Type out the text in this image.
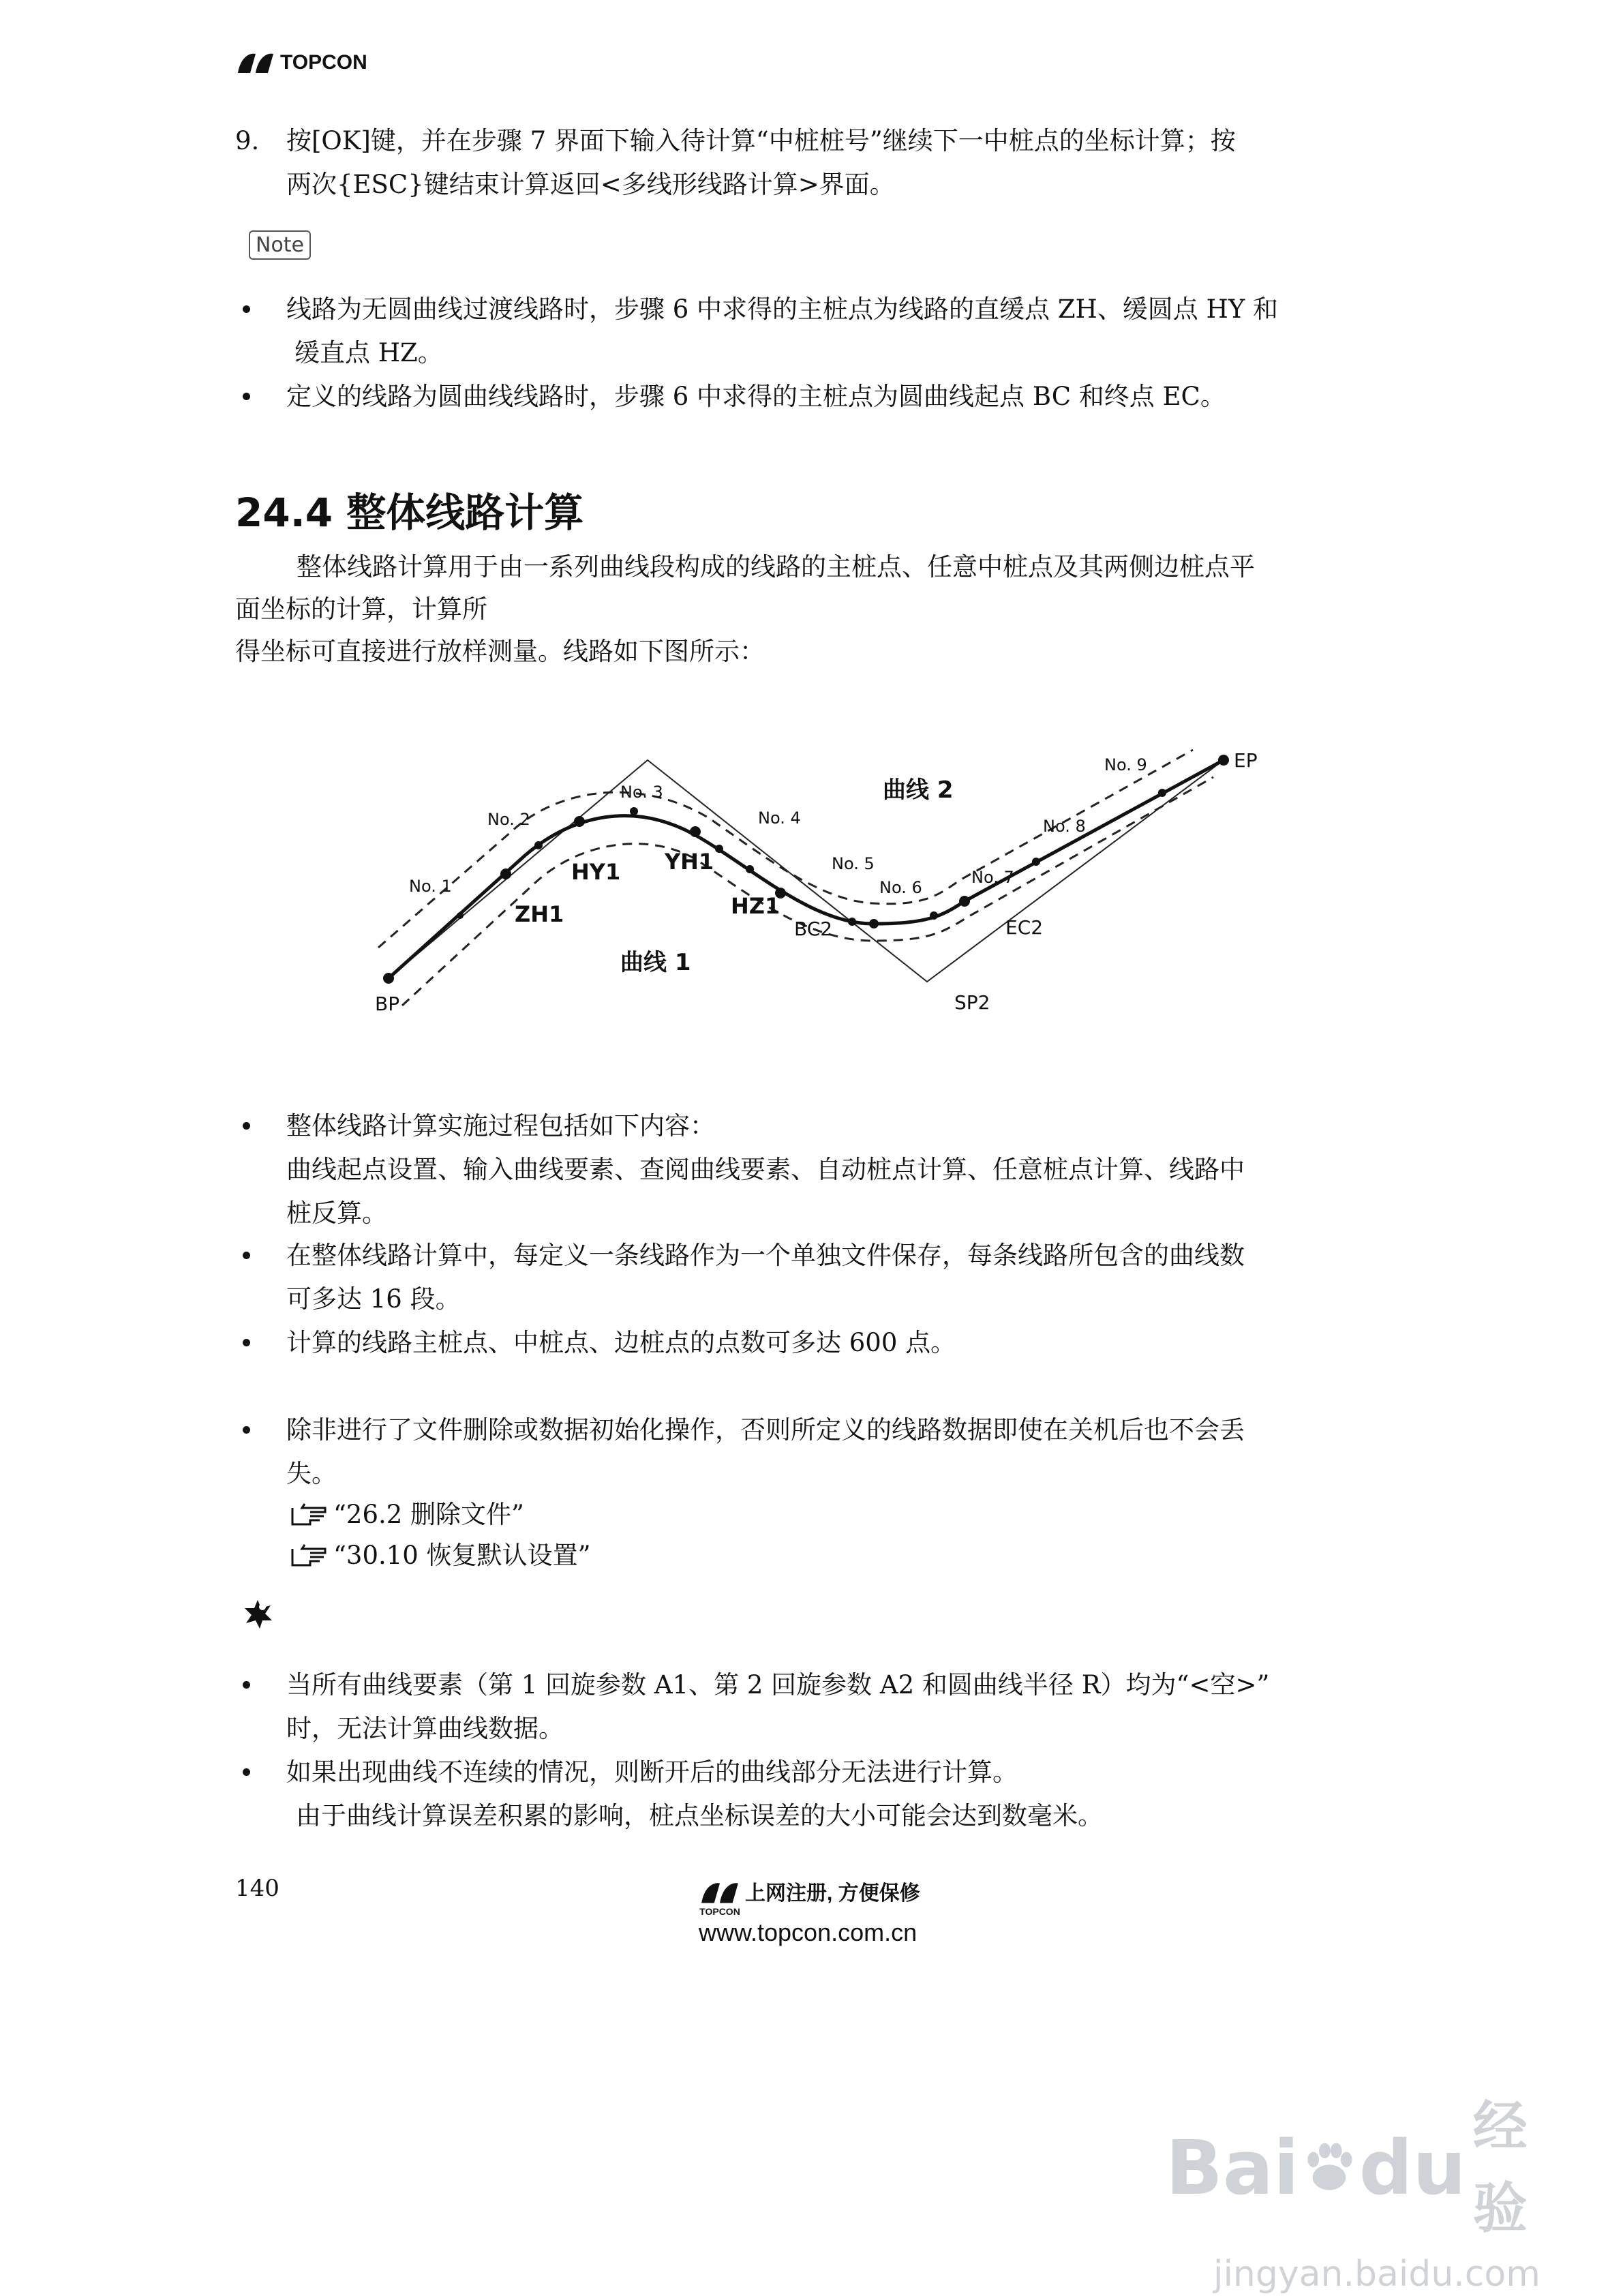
TOPCON
9. 按[OK]键，并在步骤 7 界面下输入待计算“中桩桩号”继续下一中桩点的坐标计算；按
两次{ESC}键结束计算返回<多线形线路计算>界面。
Note
线路为无圆曲线过渡线路时，步骤 6 中求得的主桩点为线路的直缓点 ZH、缓圆点 HY 和
缓直点 HZ。
定义的线路为圆曲线线路时，步骤 6 中求得的主桩点为圆曲线起点 BC 和终点 EC。
24.4 整体线路计算
整体线路计算用于由一系列曲线段构成的线路的主桩点、任意中桩点及其两侧边桩点平
面坐标的计算，计算所
得坐标可直接进行放样测量。线路如下图所示：
No. 1
No. 2
No. 3
No. 4
No. 5
No. 6
No. 7
No. 8
No. 9
BP
EP
ZH1
HY1 YH1
HZ1
BC2	EC2
SP2
曲线 1
曲线 2
整体线路计算实施过程包括如下内容：
曲线起点设置、输入曲线要素、查阅曲线要素、自动桩点计算、任意桩点计算、线路中
桩反算。
在整体线路计算中，每定义一条线路作为一个单独文件保存，每条线路所包含的曲线数
可多达 16 段。
计算的线路主桩点、中桩点、边桩点的点数可多达 600 点。
除非进行了文件删除或数据初始化操作，否则所定义的线路数据即使在关机后也不会丢
失。
“26.2 删除文件”
“30.10 恢复默认设置”
当所有曲线要素（第 1 回旋参数 A1、第 2 回旋参数 A2 和圆曲线半径 R）均为“<空>”
时，无法计算曲线数据。
如果出现曲线不连续的情况，则断开后的曲线部分无法进行计算。
由于曲线计算误差积累的影响，桩点坐标误差的大小可能会达到数毫米。
140
TOPCON
上网注册, 方便保修
www.topcon.com.cn
Bai du 经验
jingyan.baidu.com
